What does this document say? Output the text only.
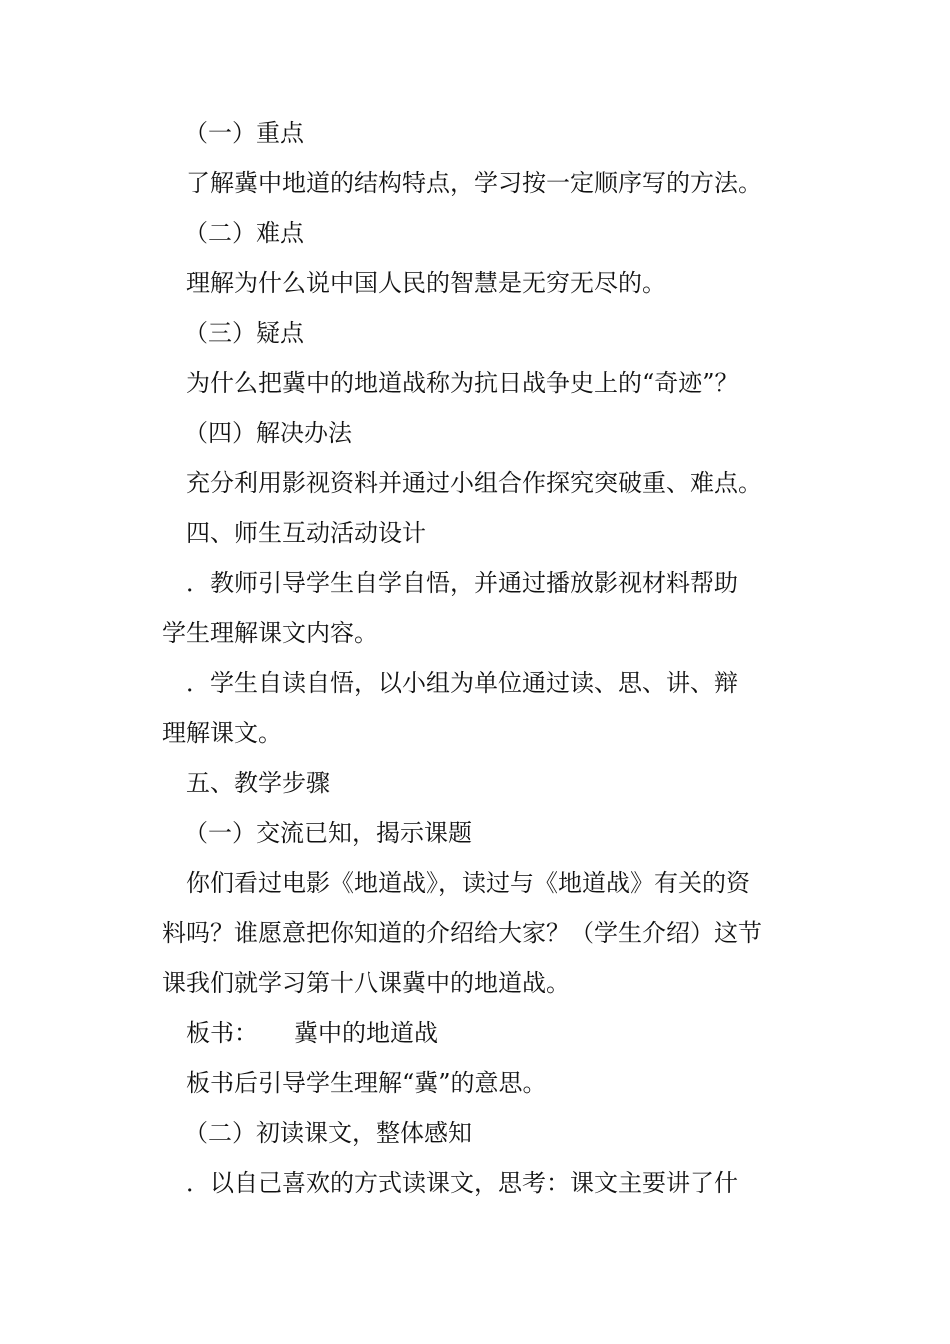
（一）重点

了解冀中地道的结构特点，学习按一定顺序写的方法。

（二）难点

理解为什么说中国人民的智慧是无穷无尽的。

（三）疑点

为什么把冀中的地道战称为抗日战争史上的“奇迹”？

（四）解决办法

充分利用影视资料并通过小组合作探究突破重、难点。

四、师生互动活动设计

．教师引导学生自学自悟，并通过播放影视材料帮助

学生理解课文内容。

．学生自读自悟，以小组为单位通过读、思、讲、辩

理解课文。

五、教学步骤

（一）交流已知，揭示课题

你们看过电影《地道战》，读过与《地道战》有关的资

料吗？谁愿意把你知道的介绍给大家？（学生介绍）这节

课我们就学习第十八课冀中的地道战。

板书： 冀中的地道战

板书后引导学生理解“冀”的意思。

（二）初读课文，整体感知

．以自己喜欢的方式读课文，思考：课文主要讲了什
